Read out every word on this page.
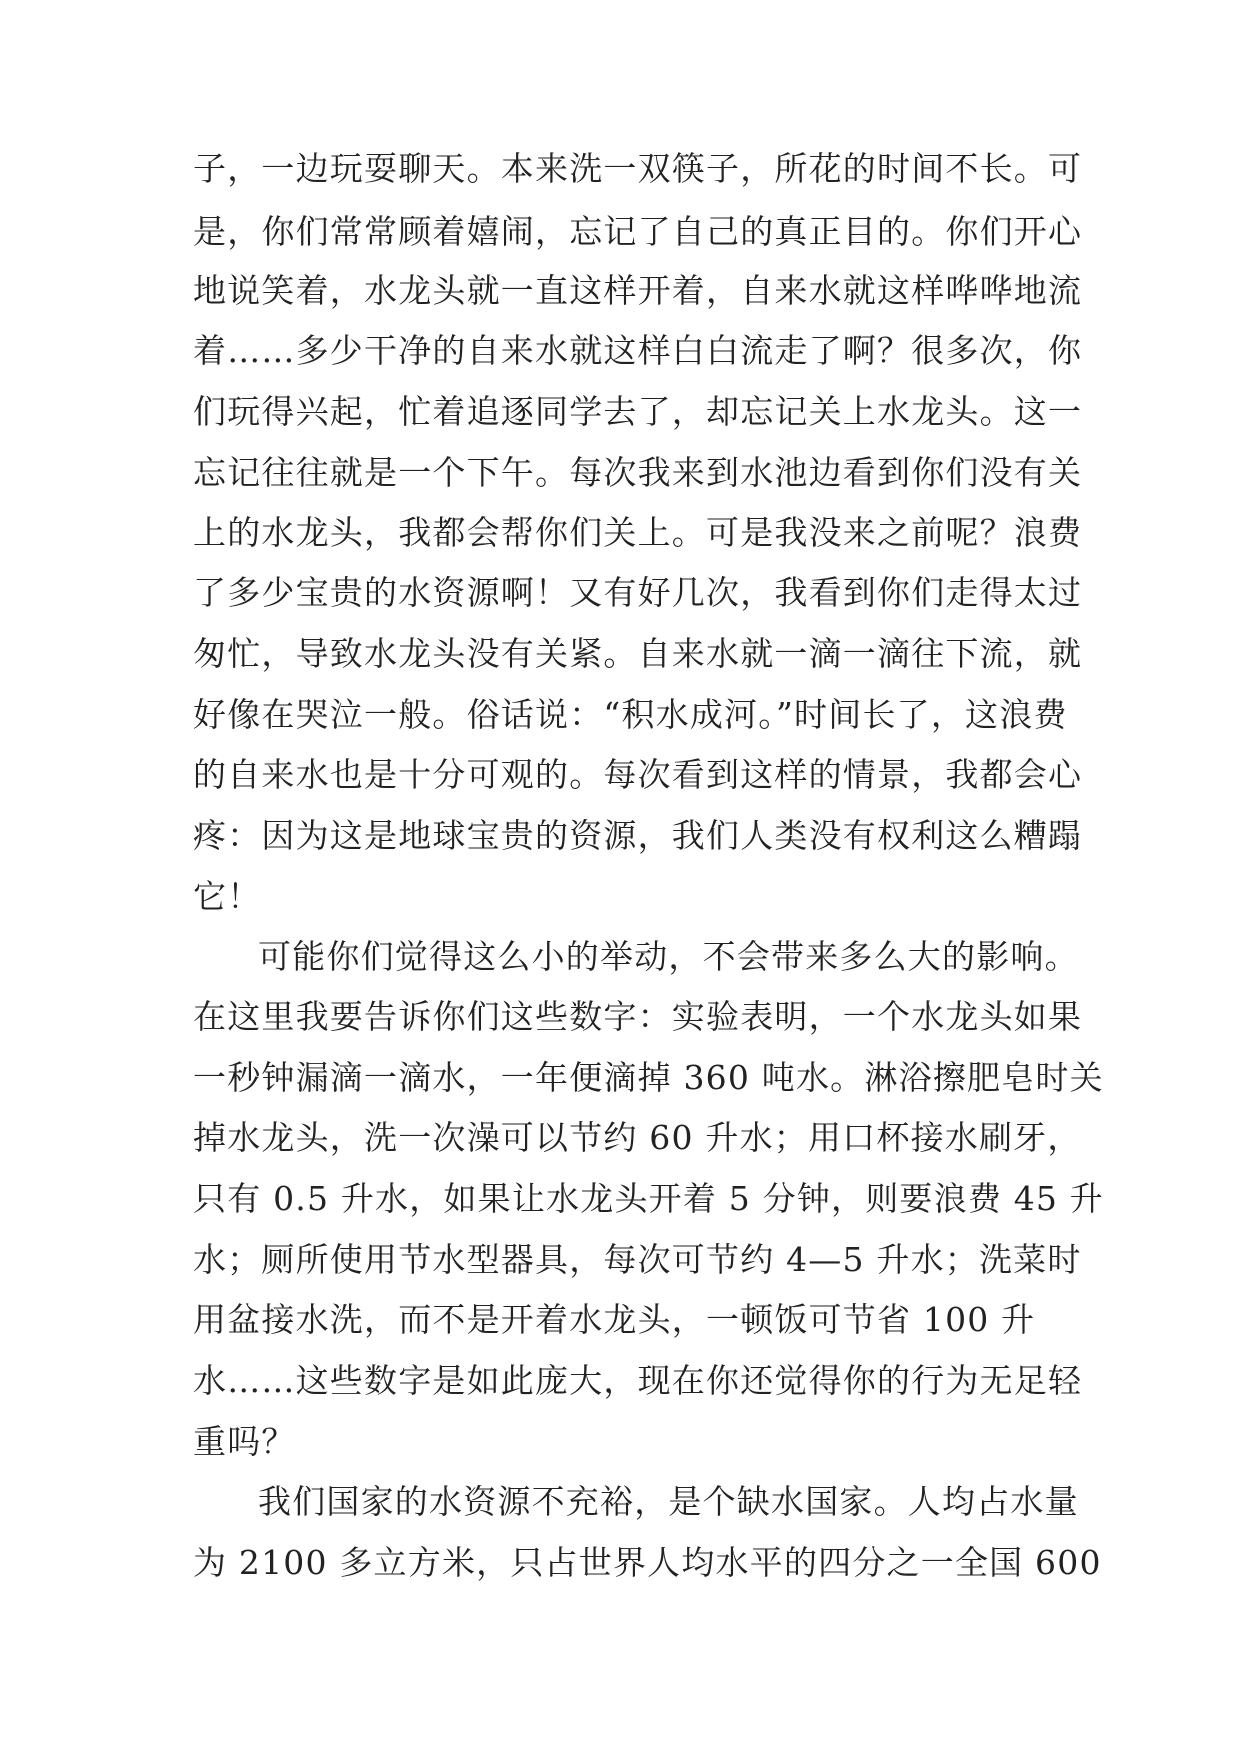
子，一边玩耍聊天。本来洗一双筷子，所花的时间不长。可
是，你们常常顾着嬉闹，忘记了自己的真正目的。你们开心
地说笑着，水龙头就一直这样开着，自来水就这样哗哗地流
着……多少干净的自来水就这样白白流走了啊？很多次，你
们玩得兴起，忙着追逐同学去了，却忘记关上水龙头。这一
忘记往往就是一个下午。每次我来到水池边看到你们没有关
上的水龙头，我都会帮你们关上。可是我没来之前呢？浪费
了多少宝贵的水资源啊！又有好几次，我看到你们走得太过
匆忙，导致水龙头没有关紧。自来水就一滴一滴往下流，就
好像在哭泣一般。俗话说：“积水成河。”时间长了，这浪费
的自来水也是十分可观的。每次看到这样的情景，我都会心
疼：因为这是地球宝贵的资源，我们人类没有权利这么糟蹋
它！
可能你们觉得这么小的举动，不会带来多么大的影响。
在这里我要告诉你们这些数字：实验表明，一个水龙头如果
一秒钟漏滴一滴水，一年便滴掉 360 吨水。淋浴擦肥皂时关
掉水龙头，洗一次澡可以节约 60 升水；用口杯接水刷牙，
只有 0.5 升水，如果让水龙头开着 5 分钟，则要浪费 45 升
水；厕所使用节水型器具，每次可节约 4—5 升水；洗菜时
用盆接水洗，而不是开着水龙头，一顿饭可节省 100 升
水……这些数字是如此庞大，现在你还觉得你的行为无足轻
重吗？
我们国家的水资源不充裕，是个缺水国家。人均占水量
为 2100 多立方米，只占世界人均水平的四分之一全国 600
